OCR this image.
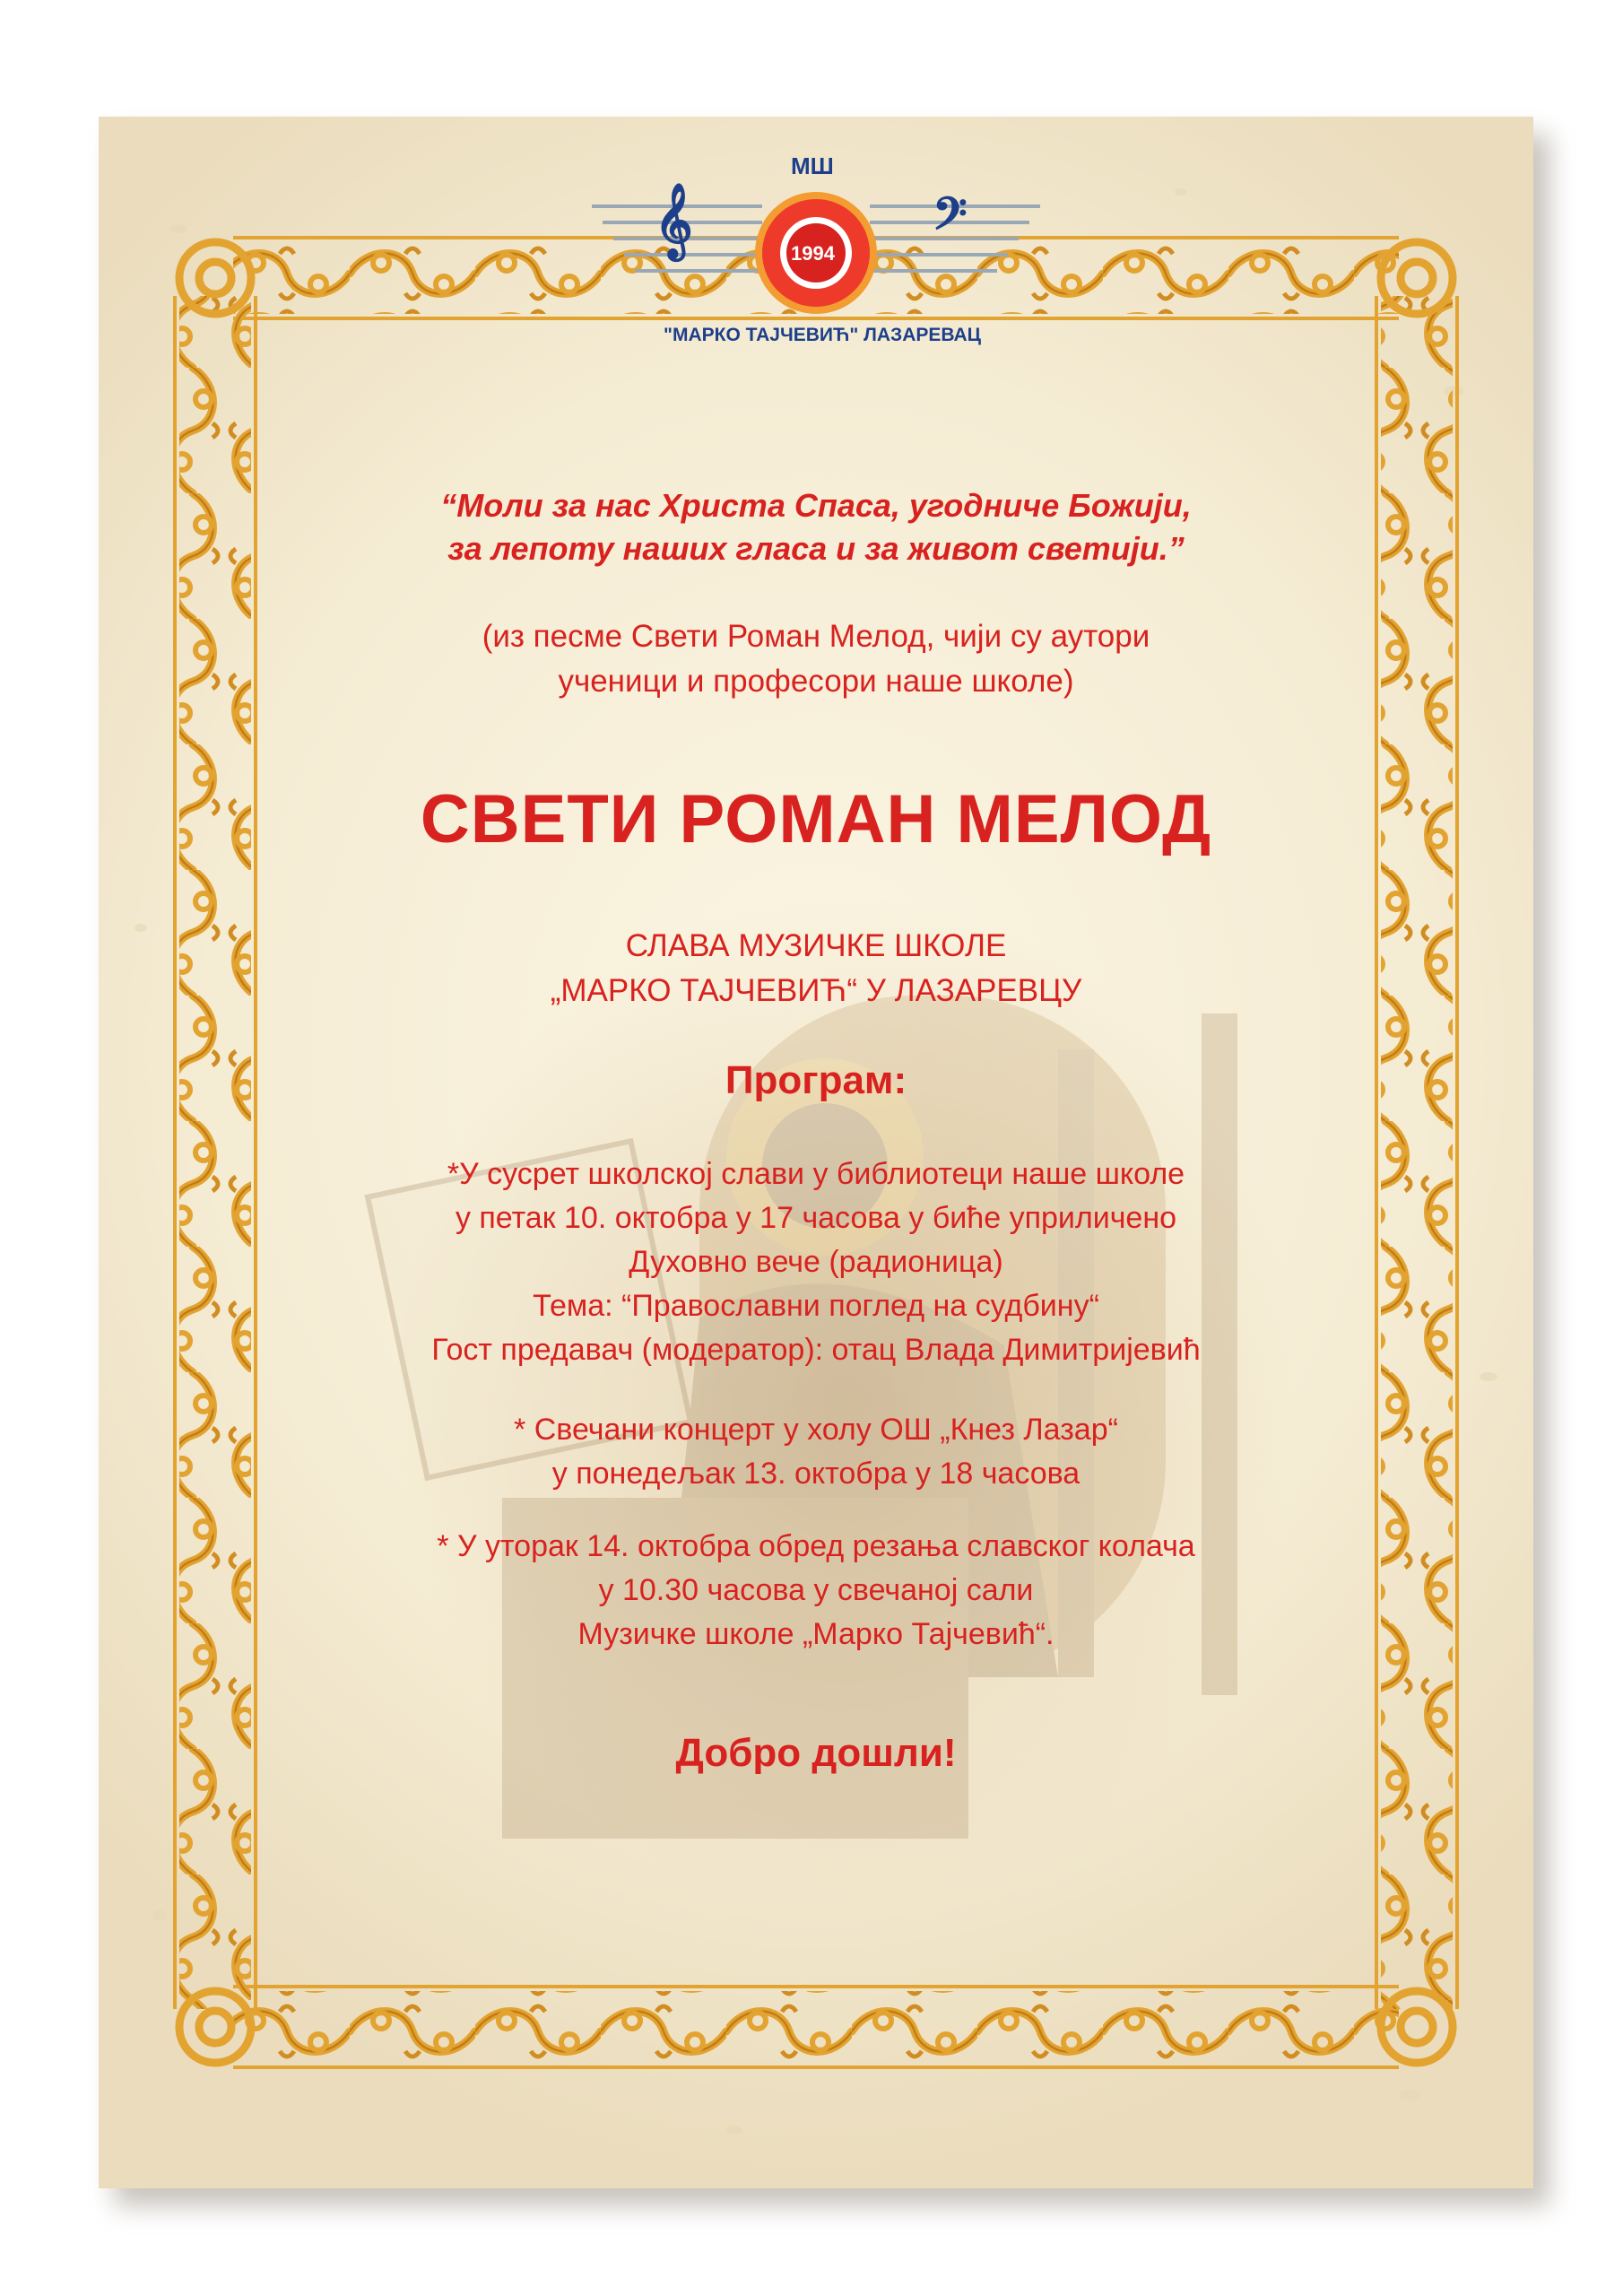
МШ
1994
"МАРКО ТАЈЧЕВИЋ" ЛАЗАРЕВАЦ
𝄞	𝄢
“Моли за нас Христа Спаса, угодниче Божији,
за лепоту наших гласа и за живот светији.”
(из песме Свети Роман Мелод, чији су аутори
ученици и професори наше школе)
СВЕТИ РОМАН МЕЛОД
СЛАВА МУЗИЧКЕ ШКОЛЕ
„МАРКО ТАЈЧЕВИЋ“ У ЛАЗАРЕВЦУ
Програм:
*У сусрет школској слави у библиотеци наше школе
у петак 10. октобра у 17 часова у биће уприличено
Духовно вече (радионица)
Тема: “Православни поглед на судбину“
Гост предавач (модератор): отац Влада Димитријевић
* Свечани концерт у холу ОШ „Кнез Лазар“
у понедељак 13. октобра у 18 часова
* У уторак 14. октобра обред резања славског колача
у 10.30 часова у свечаној сали
Музичке школе „Марко Тајчевић“.
Добро дошли!
